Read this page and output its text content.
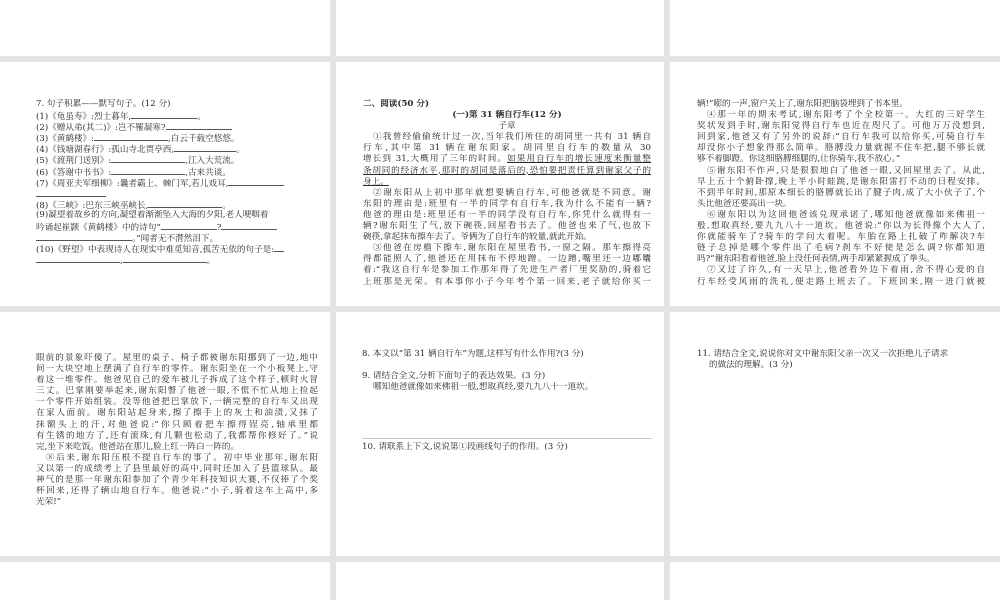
7. 句子积累——默写句子。(12 分)
(1)《龟虽寿》:烈士暮年,	。
(2)《赠从弟(其二)》:岂不罹凝寒?
(3)《黄鹤楼》:	,白云千载空悠悠。
(4)《钱塘湖春行》:孤山寺北贾亭西,	。
(5)《渡荆门送别》:	,江入大荒流。
(6)《答谢中书书》:	,古来共谈。
(7)《周亚夫军细柳》:曩者霸上、棘门军,若儿戏耳,
(8)《三峡》:巴东三峡巫峡长,	。
(9)凝望着故乡的方向,凝望着渐渐坠入大海的夕阳,老人哽咽着
吟诵起崔颢《黄鹤楼》中的诗句“	?
。”闻者无不潸然泪下。
(10)《野望》中表现诗人在现实中难觅知音,孤苦无依的句子是:
,	。
二、阅读(50 分)
(一)第 31 辆自行车(12 分)
子章
①我曾经偷偷统计过一次,当年我们所住的胡同里一共有 31 辆自
行车,其中第 31 辆在谢东阳家。胡同里自行车的数量从 30
增长到 31,大概用了三年的时间。如果用自行车的增长速度来衡量整
条胡同的经济水平,那时的胡同是落后的,恐怕要把责任算到谢家父子的
身上。
②谢东阳从上初中那年就想要辆自行车,可他爸就是不同意。谢
东阳的理由是:班里有一半的同学有自行车,我为什么不能有一辆?
他爸的理由是:班里还有一半的同学没有自行车,你凭什么就得有一
辆?谢东阳生了气,放下碗筷,回屋看书去了。他爸也来了气,也放下
碗筷,拿起抹布擦车去了。爷俩为了自行车的较量,就此开始。
③他爸在房檐下擦车,谢东阳在屋里看书,一窗之隔。那车擦得亮
得都能照人了,他爸还在用抹布不停地蹭。一边蹭,嘴里还一边嘟囔
着:“我这自行车是参加工作那年得了先进生产者厂里奖励的,骑着它
上班那是光荣。有本事你小子今年考个第一回来,老子就给你买一
辆!”嘭的一声,窗户关上了,谢东阳把脑袋埋到了书本里。
④那一年的期末考试,谢东阳考了个全校第一。大红的三好学生
奖状发到手时,谢东阳觉得自行车也近在咫尺了。可他万万没想到,
回到家,他爸又有了另外的说辞:“自行车我可以给你买,可骑自行车
却没你小子想象得那么简单。胳膊没力量就握不住车把,腿不够长就
够不着脚蹬。你这细胳膊细腿的,让你骑车,我不放心。”
⑤谢东阳不作声,只是狠狠地白了他爸一眼,又回屋里去了。从此,
早上五十个俯卧撑,晚上半小时蛙跳,是谢东阳雷打不动的日程安排。
不到半年时间,那原本细长的胳膊就长出了腱子肉,成了大小伙子了,个
头比他爸还要高出一块。
⑥谢东阳以为这回他爸该兑现承诺了,哪知他爸就像如来佛祖一
般,想取真经,要九九八十一道坎。他爸说:“你以为长得像个大人了,
你就能骑车了?骑车的学问大着呢。车胎在路上扎破了咋解决?车
链子总掉是哪个零件出了毛病?刹车不好使是怎么调?你都知道
吗?”谢东阳看着他爸,脸上没任何表情,两手却紧紧握成了拳头。
⑦又过了许久,有一天早上,他爸看外边下着雨,舍不得心爱的自
行车经受风雨的洗礼,便走路上班去了。下班回来,刚一进门就被
眼前的景象吓傻了。屋里的桌子、椅子都被谢东阳挪到了一边,地中
间一大块空地上摆满了自行车的零件。谢东阳坐在一个小板凳上,守
着这一堆零件。他爸见自己的爱车被儿子拆成了这个样子,顿时火冒
三丈。巴掌刚要举起来,谢东阳瞥了他爸一眼,不慌不忙从地上捡起
一个零件开始组装。没等他爸把巴掌放下,一辆完整的自行车又出现
在家人面前。谢东阳站起身来,擦了擦手上的灰土和油渍,又抹了
抹额头上的汗,对他爸说:“你只顾着把车擦得锃亮,轴承里都
有生锈的地方了,还有滚珠,有几颗也松动了,我都帮你修好了。”说
完,坐下来吃饭。他爸站在那儿,脸上红一阵白一阵的。
⑧后来,谢东阳压根不提自行车的事了。初中毕业那年,谢东阳
又以第一的成绩考上了县里最好的高中,同时还加入了县篮球队。最
神气的是那一年谢东阳参加了个青少年科技知识大赛,不仅捧了个奖
杯回来,还得了辆山地自行车。他爸说:“小子,骑着这车上高中,多
光荣!”
8. 本文以“第 31 辆自行车”为题,这样写有什么作用?(3 分)
9. 请结合全文,分析下面句子的表达效果。(3 分)
哪知他爸就像如来佛祖一般,想取真经,要九九八十一道坎。
10. 请联系上下文,说说第①段画线句子的作用。(3 分)
11. 请结合全文,说说你对文中谢东阳父亲一次又一次拒绝儿子请求
的做法的理解。(3 分)
